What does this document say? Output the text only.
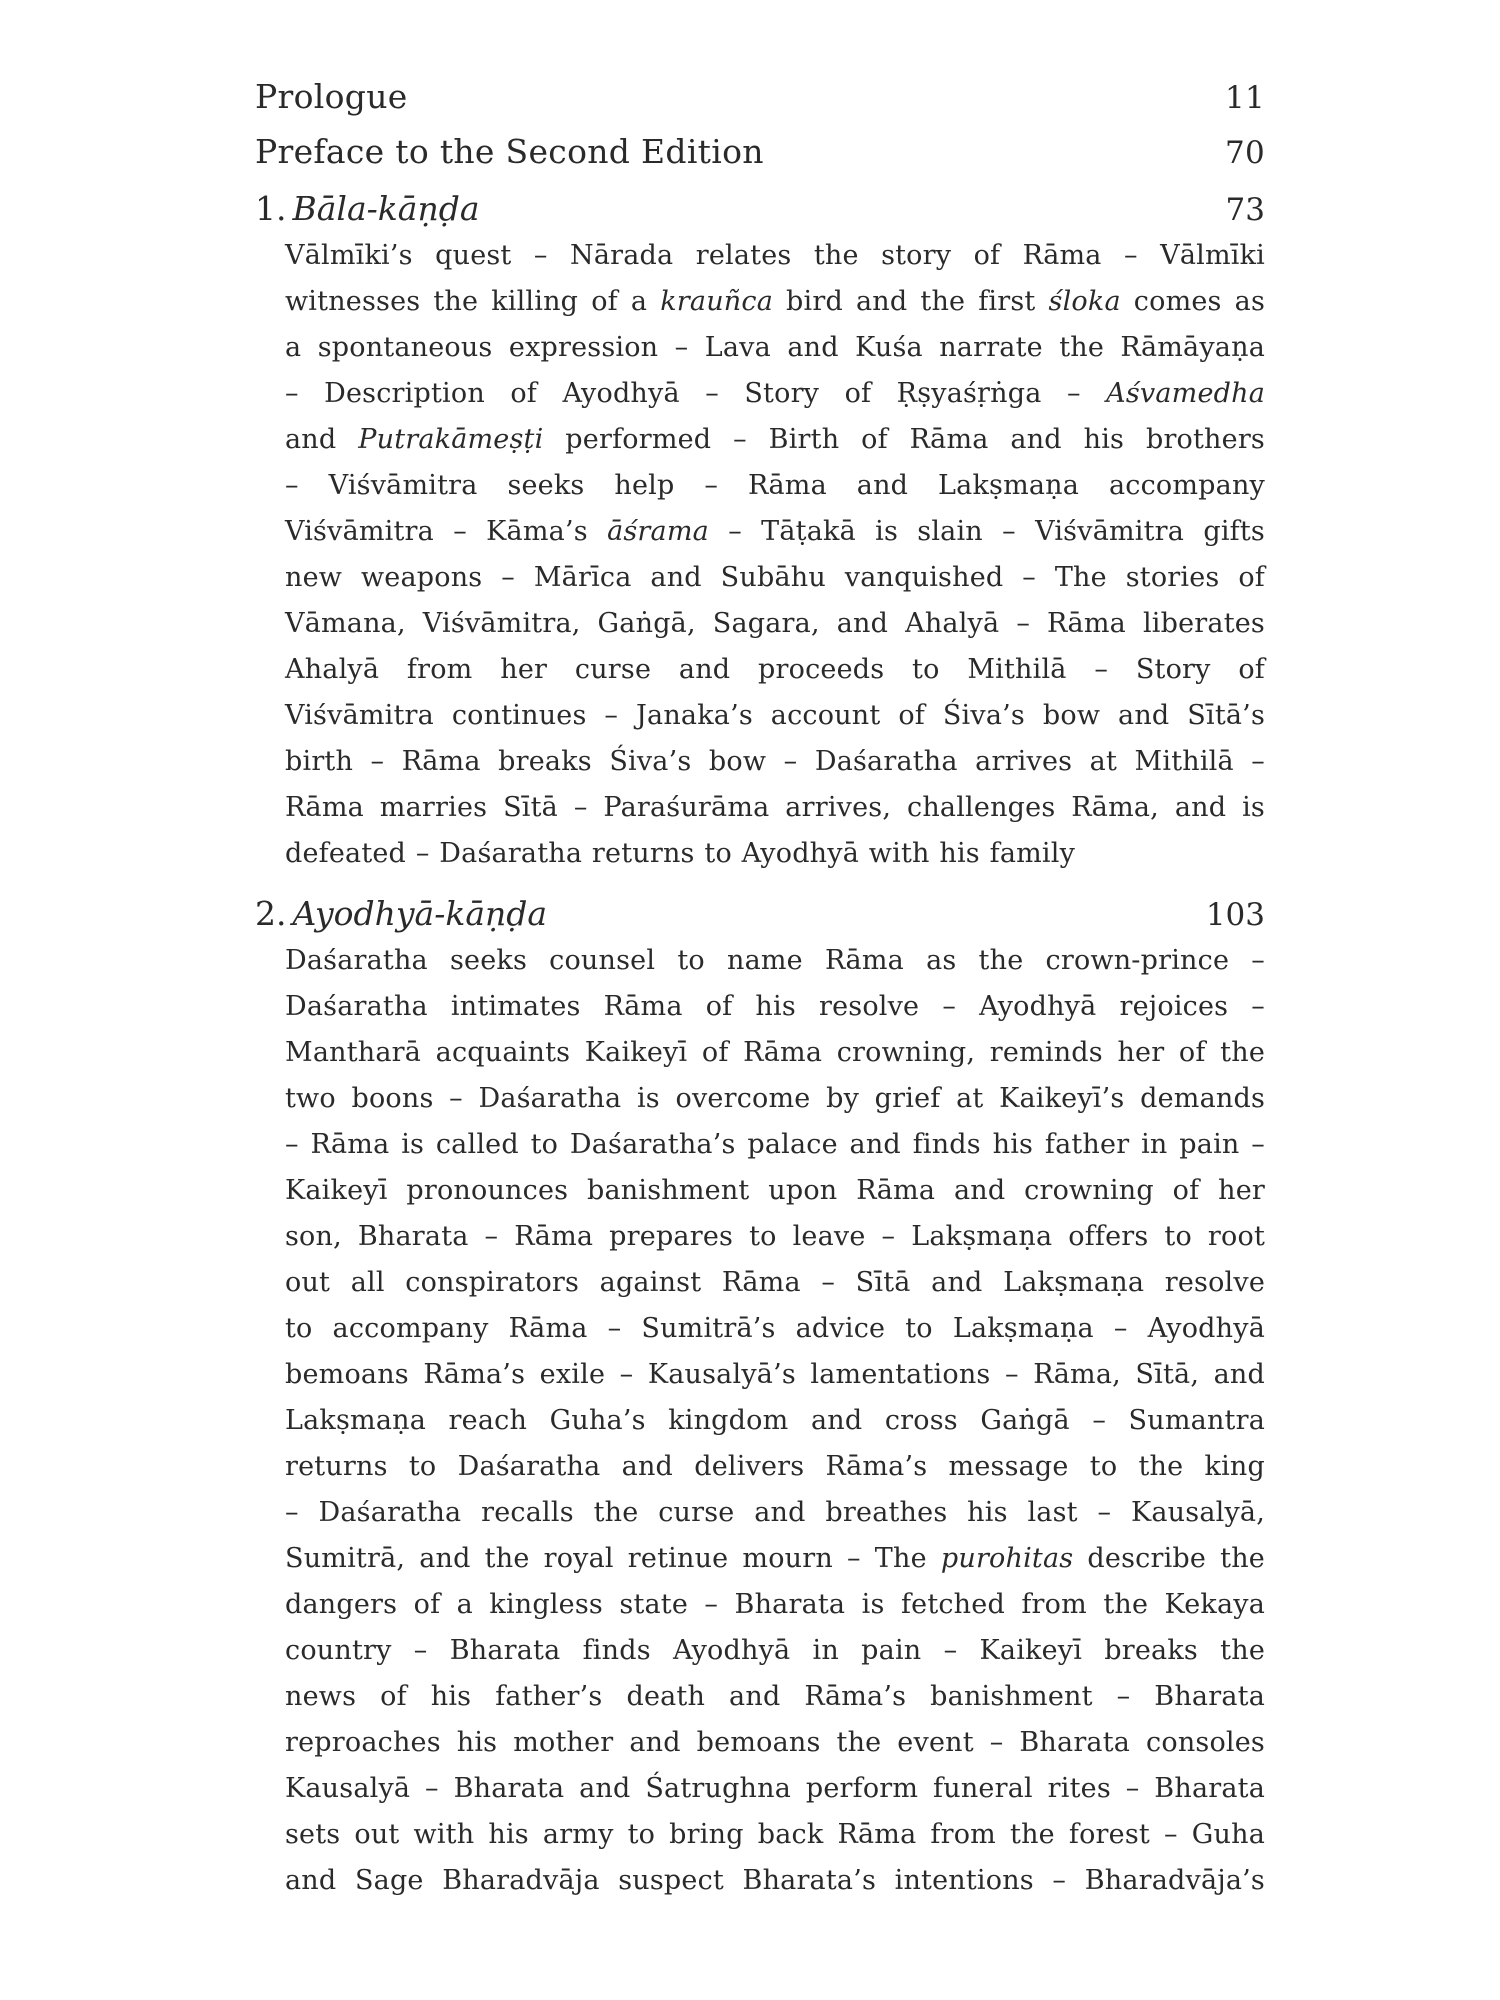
Prologue	11
Preface to the Second Edition	70
1. Bāla-kāṇḍa	73
Vālmīki’s quest – Nārada relates the story of Rāma – Vālmīki
witnesses the killing of a krauñca bird and the first śloka comes as
a spontaneous expression – Lava and Kuśa narrate the Rāmāyaṇa
– Description of Ayodhyā – Story of Ṛṣyaśṛṅga – Aśvamedha
and Putrakāmeṣṭi performed – Birth of Rāma and his brothers
– Viśvāmitra seeks help – Rāma and Lakṣmaṇa accompany
Viśvāmitra – Kāma’s āśrama – Tāṭakā is slain – Viśvāmitra gifts
new weapons – Mārīca and Subāhu vanquished – The stories of
Vāmana, Viśvāmitra, Gaṅgā, Sagara, and Ahalyā – Rāma liberates
Ahalyā from her curse and proceeds to Mithilā – Story of
Viśvāmitra continues – Janaka’s account of Śiva’s bow and Sītā’s
birth – Rāma breaks Śiva’s bow – Daśaratha arrives at Mithilā –
Rāma marries Sītā – Paraśurāma arrives, challenges Rāma, and is
defeated – Daśaratha returns to Ayodhyā with his family
2. Ayodhyā-kāṇḍa	103
Daśaratha seeks counsel to name Rāma as the crown-prince –
Daśaratha intimates Rāma of his resolve – Ayodhyā rejoices –
Mantharā acquaints Kaikeyī of Rāma crowning, reminds her of the
two boons – Daśaratha is overcome by grief at Kaikeyī’s demands
– Rāma is called to Daśaratha’s palace and finds his father in pain –
Kaikeyī pronounces banishment upon Rāma and crowning of her
son, Bharata – Rāma prepares to leave – Lakṣmaṇa offers to root
out all conspirators against Rāma – Sītā and Lakṣmaṇa resolve
to accompany Rāma – Sumitrā’s advice to Lakṣmaṇa – Ayodhyā
bemoans Rāma’s exile – Kausalyā’s lamentations – Rāma, Sītā, and
Lakṣmaṇa reach Guha’s kingdom and cross Gaṅgā – Sumantra
returns to Daśaratha and delivers Rāma’s message to the king
– Daśaratha recalls the curse and breathes his last – Kausalyā,
Sumitrā, and the royal retinue mourn – The purohitas describe the
dangers of a kingless state – Bharata is fetched from the Kekaya
country – Bharata finds Ayodhyā in pain – Kaikeyī breaks the
news of his father’s death and Rāma’s banishment – Bharata
reproaches his mother and bemoans the event – Bharata consoles
Kausalyā – Bharata and Śatrughna perform funeral rites – Bharata
sets out with his army to bring back Rāma from the forest – Guha
and Sage Bharadvāja suspect Bharata’s intentions – Bharadvāja’s
